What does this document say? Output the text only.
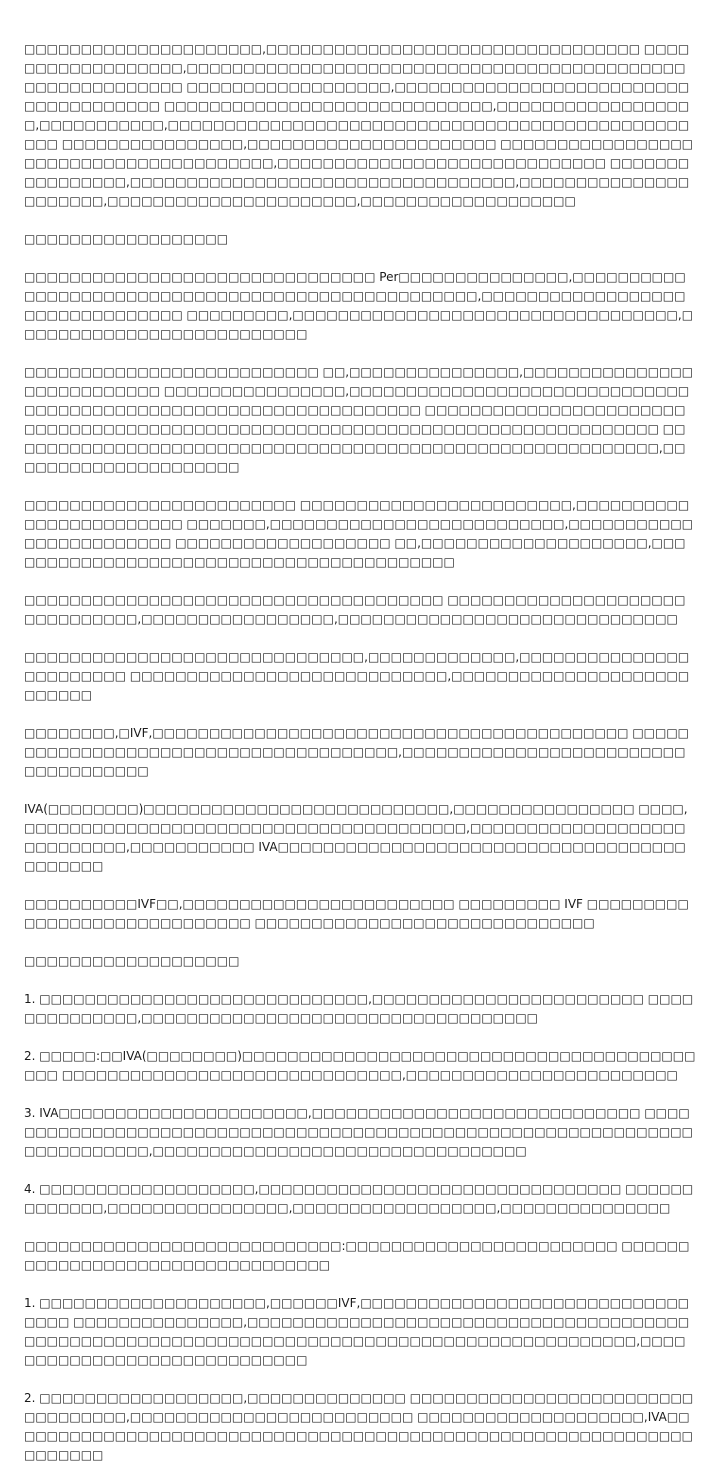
□□□□□□□□□□□□□□□□□□□□□,□□□□□□□□□□□□□□□□□□□□□□□□□□□□□□□□□ □□□□□□□□□□□□□□□□□□,□□□□□□□□□□□□□□□□□□□□□□□□□□□□□□□□□□□□□□□□□□□□□□□□□□□□□□□□□□ □□□□□□□□□□□□□□□□□□,□□□□□□□□□□□□□□□□□□□□□□□□□□□□□□□□□□□□□□ □□□□□□□□□□□□□□□□□□□□□□□□□□□□□,□□□□□□□□□□□□□□□□□□,□□□□□□□□□□□,□□□□□□□□□□□□□□□□□□□□□□□□□□□□□□□□□□□□□□□□□□□□□□□□□ □□□□□□□□□□□□□□□□,□□□□□□□□□□□□□□□□□□□□□□ □□□□□□□□□□□□□□□□□□□□□□□□□□□□□□□□□□□□□□□,□□□□□□□□□□□□□□□□□□□□□□□□□□□□□ □□□□□□□□□□□□□□□□,□□□□□□□□□□□□□□□□□□□□□□□□□□□□□□□□□□,□□□□□□□□□□□□□□□□□□□□□□,□□□□□□□□□□□□□□□□□□□□□□,□□□□□□□□□□□□□□□□□□□

□□□□□□□□□□□□□□□□□□

□□□□□□□□□□□□□□□□□□□□□□□□□□□□□□□ Per□□□□□□□□□□□□□□□,□□□□□□□□□□□□□□□□□□□□□□□□□□□□□□□□□□□□□□□□□□□□□□□□□□,□□□□□□□□□□□□□□□□□□□□□□□□□□□□□□□□ □□□□□□□□□,□□□□□□□□□□□□□□□□□□□□□□□□□□□□□□□□□□,□□□□□□□□□□□□□□□□□□□□□□□□□□

□□□□□□□□□□□□□□□□□□□□□□□□□□ □□,□□□□□□□□□□□□□□□,□□□□□□□□□□□□□□□□□□□□□□□□□□□ □□□□□□□□□□□□□□□□,□□□□□□□□□□□□□□□□□□□□□□□□□□□□□□□□□□□□□□□□□□□□□□□□□□□□□□□□□□□□□□□□□ □□□□□□□□□□□□□□□□□□□□□□□□□□□□□□□□□□□□□□□□□□□□□□□□□□□□□□□□□□□□□□□□□□□□□□□□□□□□□□□ □□□□□□□□□□□□□□□□□□□□□□□□□□□□□□□□□□□□□□□□□□□□□□□□□□□□□□□□□□,□□□□□□□□□□□□□□□□□□□□□

□□□□□□□□□□□□□□□□□□□□□□□□ □□□□□□□□□□□□□□□□□□□□□□□□,□□□□□□□□□□□□□□□□□□□□□□□□ □□□□□□□,□□□□□□□□□□□□□□□□□□□□□□□□□□,□□□□□□□□□□□□□□□□□□□□□□□□ □□□□□□□□□□□□□□□□□□□ □□,□□□□□□□□□□□□□□□□□□□□,□□□□□□□□□□□□□□□□□□□□□□□□□□□□□□□□□□□□□□□□□

□□□□□□□□□□□□□□□□□□□□□□□□□□□□□□□□□□□□□ □□□□□□□□□□□□□□□□□□□□□□□□□□□□□□□,□□□□□□□□□□□□□□□□□,□□□□□□□□□□□□□□□□□□□□□□□□□□□□□□

□□□□□□□□□□□□□□□□□□□□□□□□□□□□□□,□□□□□□□□□□□□□,□□□□□□□□□□□□□□□□□□□□□□□□ □□□□□□□□□□□□□□□□□□□□□□□□□□□□,□□□□□□□□□□□□□□□□□□□□□□□□□□□

□□□□□□□□,□IVF,□□□□□□□□□□□□□□□□□□□□□□□□□□□□□□□□□□□□□□□□□□ □□□□□□□□□□□□□□□□□□□□□□□□□□□□□□□□□□□□□□,□□□□□□□□□□□□□□□□□□□□□□□□□□□□□□□□□□□□

IVA(□□□□□□□□)□□□□□□□□□□□□□□□□□□□□□□□□□□□,□□□□□□□□□□□□□□□□ □□□□,□□□□□□□□□□□□□□□□□□□□□□□□□□□□□□□□□□□□□□□,□□□□□□□□□□□□□□□□□□□□□□□□□□□□,□□□□□□□□□□□ IVA□□□□□□□□□□□□□□□□□□□□□□□□□□□□□□□□□□□□□□□□□□□

□□□□□□□□□□IVF□□,□□□□□□□□□□□□□□□□□□□□□□□□ □□□□□□□□□ IVF □□□□□□□□□□□□□□□□□□□□□□□□□□□□□ □□□□□□□□□□□□□□□□□□□□□□□□□□□□□□

□□□□□□□□□□□□□□□□□□□

1. □□□□□□□□□□□□□□□□□□□□□□□□□□□□□,□□□□□□□□□□□□□□□□□□□□□□□□ □□□□□□□□□□□□□□,□□□□□□□□□□□□□□□□□□□□□□□□□□□□□□□□□□□

2. □□□□□:□□IVA(□□□□□□□□)□□□□□□□□□□□□□□□□□□□□□□□□□□□□□□□□□□□□□□□□□□□ □□□□□□□□□□□□□□□□□□□□□□□□□□□□□□,□□□□□□□□□□□□□□□□□□□□□□□□

3. IVA□□□□□□□□□□□□□□□□□□□□□□,□□□□□□□□□□□□□□□□□□□□□□□□□□□□□ □□□□□□□□□□□□□□□□□□□□□□□□□□□□□□□□□□□□□□□□□□□□□□□□□□□□□□□□□□□□□□□□□□□□□□□□□□,□□□□□□□□□□□□□□□□□□□□□□□□□□□□□□□□□

4. □□□□□□□□□□□□□□□□□□□,□□□□□□□□□□□□□□□□□□□□□□□□□□□□□□□□ □□□□□□□□□□□□□,□□□□□□□□□□□□□□□□,□□□□□□□□□□□□□□□□□□,□□□□□□□□□□□□□□□

□□□□□□□□□□□□□□□□□□□□□□□□□□□□:□□□□□□□□□□□□□□□□□□□□□□□□ □□□□□□□□□□□□□□□□□□□□□□□□□□□□□□□□□

1. □□□□□□□□□□□□□□□□□□□□,□□□□□□IVF,□□□□□□□□□□□□□□□□□□□□□□□□□□□□□□□□□ □□□□□□□□□□□□□□□,□□□□□□□□□□□□□□□□□□□□□□□□□□□□□□□□□□□□□□□□□□□□□□□□□□□□□□□□□□□□□□□□□□□□□□□□□□□□□□□□□□□□□□□□□□□□□,□□□□□□□□□□□□□□□□□□□□□□□□□□□□□

2. □□□□□□□□□□□□□□□□□□,□□□□□□□□□□□□□□ □□□□□□□□□□□□□□□□□□□□□□□□□□□□□□□□□□,□□□□□□□□□□□□□□□□□□□□□□□□□ □□□□□□□□□□□□□□□□□□□□,IVA□□□□□□□□□□□□□□□□□□□□□□□□□□□□□□□□□□□□□□□□□□□□□□□□□□□□□□□□□□□□□□□□□□□□
